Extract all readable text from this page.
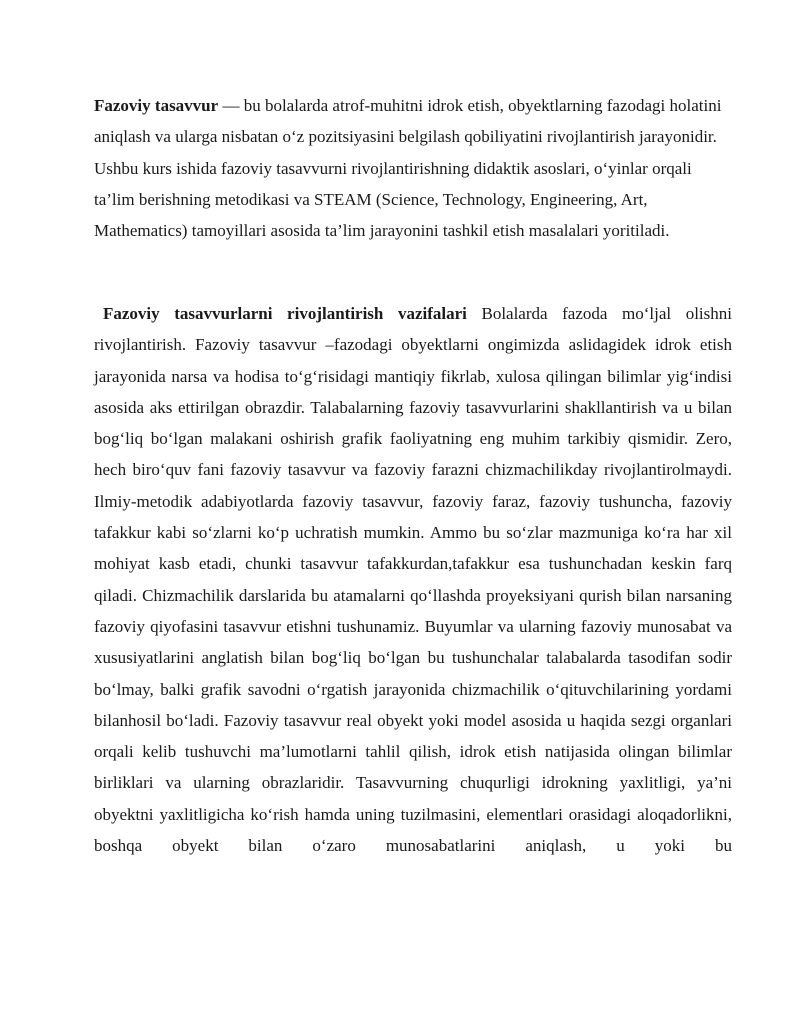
Fazoviy tasavvur — bu bolalarda atrof-muhitni idrok etish, obyektlarning fazodagi holatini aniqlash va ularga nisbatan o‘z pozitsiyasini belgilash qobiliyatini rivojlantirish jarayonidir. Ushbu kurs ishida fazoviy tasavvurni rivojlantirishning didaktik asoslari, o‘yinlar orqali ta’lim berishning metodikasi va STEAM (Science, Technology, Engineering, Art, Mathematics) tamoyillari asosida ta’lim jarayonini tashkil etish masalalari yoritiladi.

Fazoviy tasavvurlarni rivojlantirish vazifalari Bolalarda fazoda mo‘ljal olishni rivojlantirish. Fazoviy tasavvur –fazodagi obyektlarni ongimizda aslidagidek idrok etish jarayonida narsa va hodisa to‘g‘risidagi mantiqiy fikrlab, xulosa qilingan bilimlar yig‘indisi asosida aks ettirilgan obrazdir. Talabalarning fazoviy tasavvurlarini shakllantirish va u bilan bog‘liq bo‘lgan malakani oshirish grafik faoliyatning eng muhim tarkibiy qismidir. Zero, hech biro‘quv fani fazoviy tasavvur va fazoviy farazni chizmachilikday rivojlantirolmaydi. Ilmiy-metodik adabiyotlarda fazoviy tasavvur, fazoviy faraz, fazoviy tushuncha, fazoviy tafakkur kabi so‘zlarni ko‘p uchratish mumkin. Ammo bu so‘zlar mazmuniga ko‘ra har xil mohiyat kasb etadi, chunki tasavvur tafakkurdan,tafakkur esa tushunchadan keskin farq qiladi. Chizmachilik darslarida bu atamalarni qo‘llashda proyeksiyani qurish bilan narsaning fazoviy qiyofasini tasavvur etishni tushunamiz. Buyumlar va ularning fazoviy munosabat va xususiyatlarini anglatish bilan bog‘liq bo‘lgan bu tushunchalar talabalarda tasodifan sodir bo‘lmay, balki grafik savodni o‘rgatish jarayonida chizmachilik o‘qituvchilarining yordami bilanhosil bo‘ladi. Fazoviy tasavvur real obyekt yoki model asosida u haqida sezgi organlari orqali kelib tushuvchi ma’lumotlarni tahlil qilish, idrok etish natijasida olingan bilimlar birliklari va ularning obrazlaridir. Tasavvurning chuqurligi idrokning yaxlitligi, ya’ni obyektni yaxlitligicha ko‘rish hamda uning tuzilmasini, elementlari orasidagi aloqadorlikni, boshqa obyekt bilan o‘zaro munosabatlarini aniqlash, u yoki bu
